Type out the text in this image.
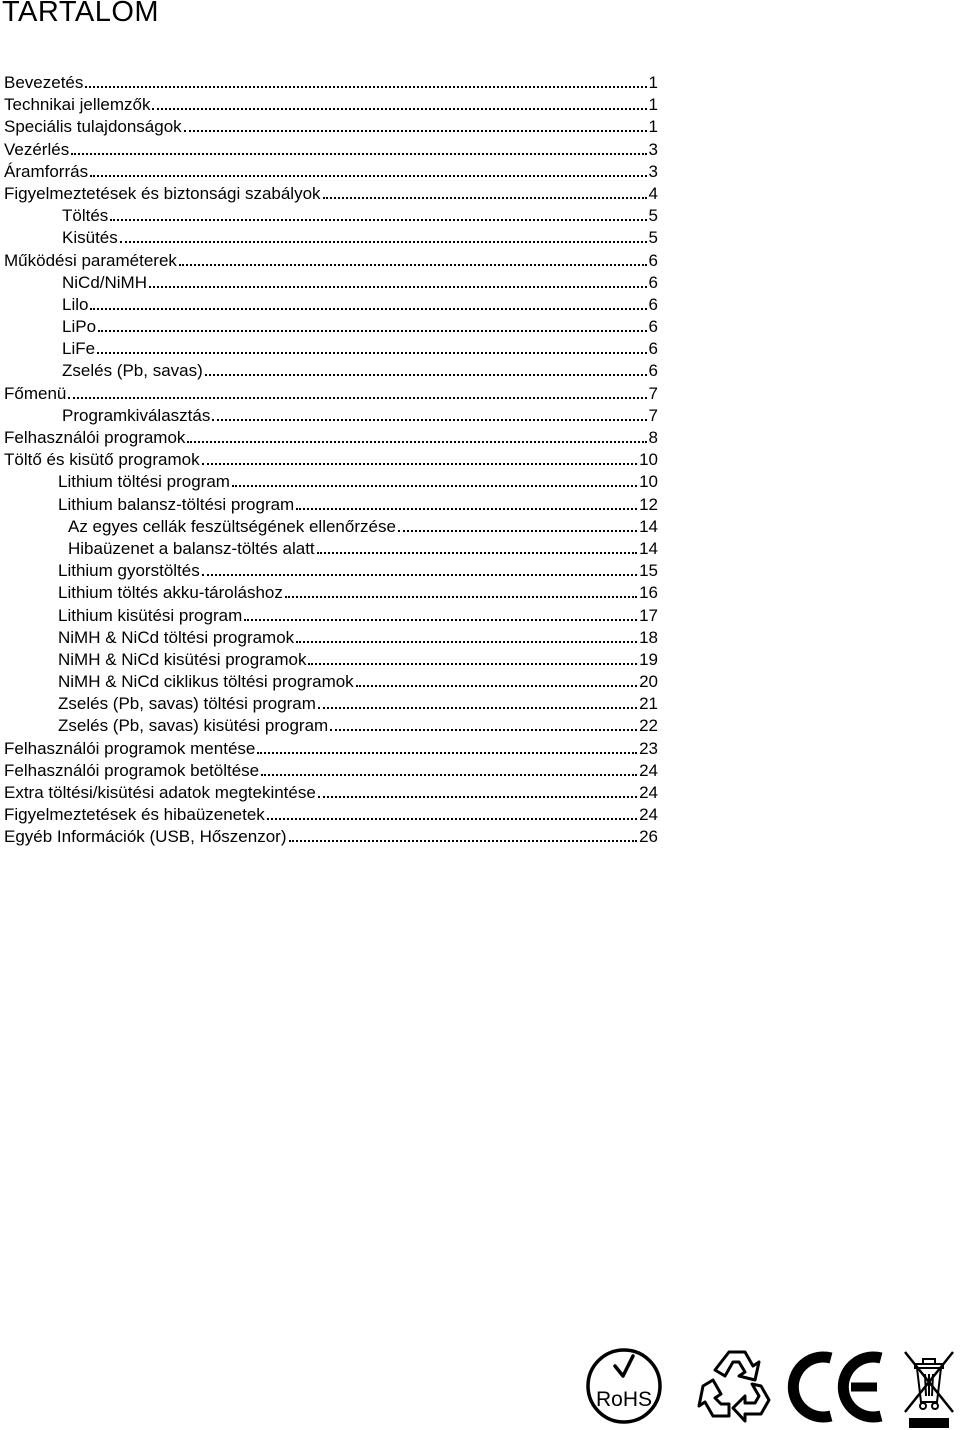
TARTALOM
Bevezetés	1
Technikai jellemzők	1
Speciális tulajdonságok	1
Vezérlés	3
Áramforrás	3
Figyelmeztetések és biztonsági szabályok	4
Töltés	5
Kisütés	5
Működési paraméterek	6
NiCd/NiMH	6
Lilo	6
LiPo	6
LiFe	6
Zselés (Pb, savas)	6
Főmenü	7
Programkiválasztás	7
Felhasználói programok	8
Töltő és kisütő programok	10
Lithium töltési program	10
Lithium balansz-töltési program	12
Az egyes cellák feszültségének ellenőrzése	14
Hibaüzenet a balansz-töltés alatt	14
Lithium gyorstöltés	15
Lithium töltés akku-tároláshoz	16
Lithium kisütési program	17
NiMH & NiCd töltési programok	18
NiMH & NiCd kisütési programok	19
NiMH & NiCd ciklikus töltési programok	20
Zselés (Pb, savas) töltési program	21
Zselés (Pb, savas) kisütési program	22
Felhasználói programok mentése	23
Felhasználói programok betöltése	24
Extra töltési/kisütési adatok megtekintése	24
Figyelmeztetések és hibaüzenetek	24
Egyéb Információk (USB, Hőszenzor)	26
RoHS
